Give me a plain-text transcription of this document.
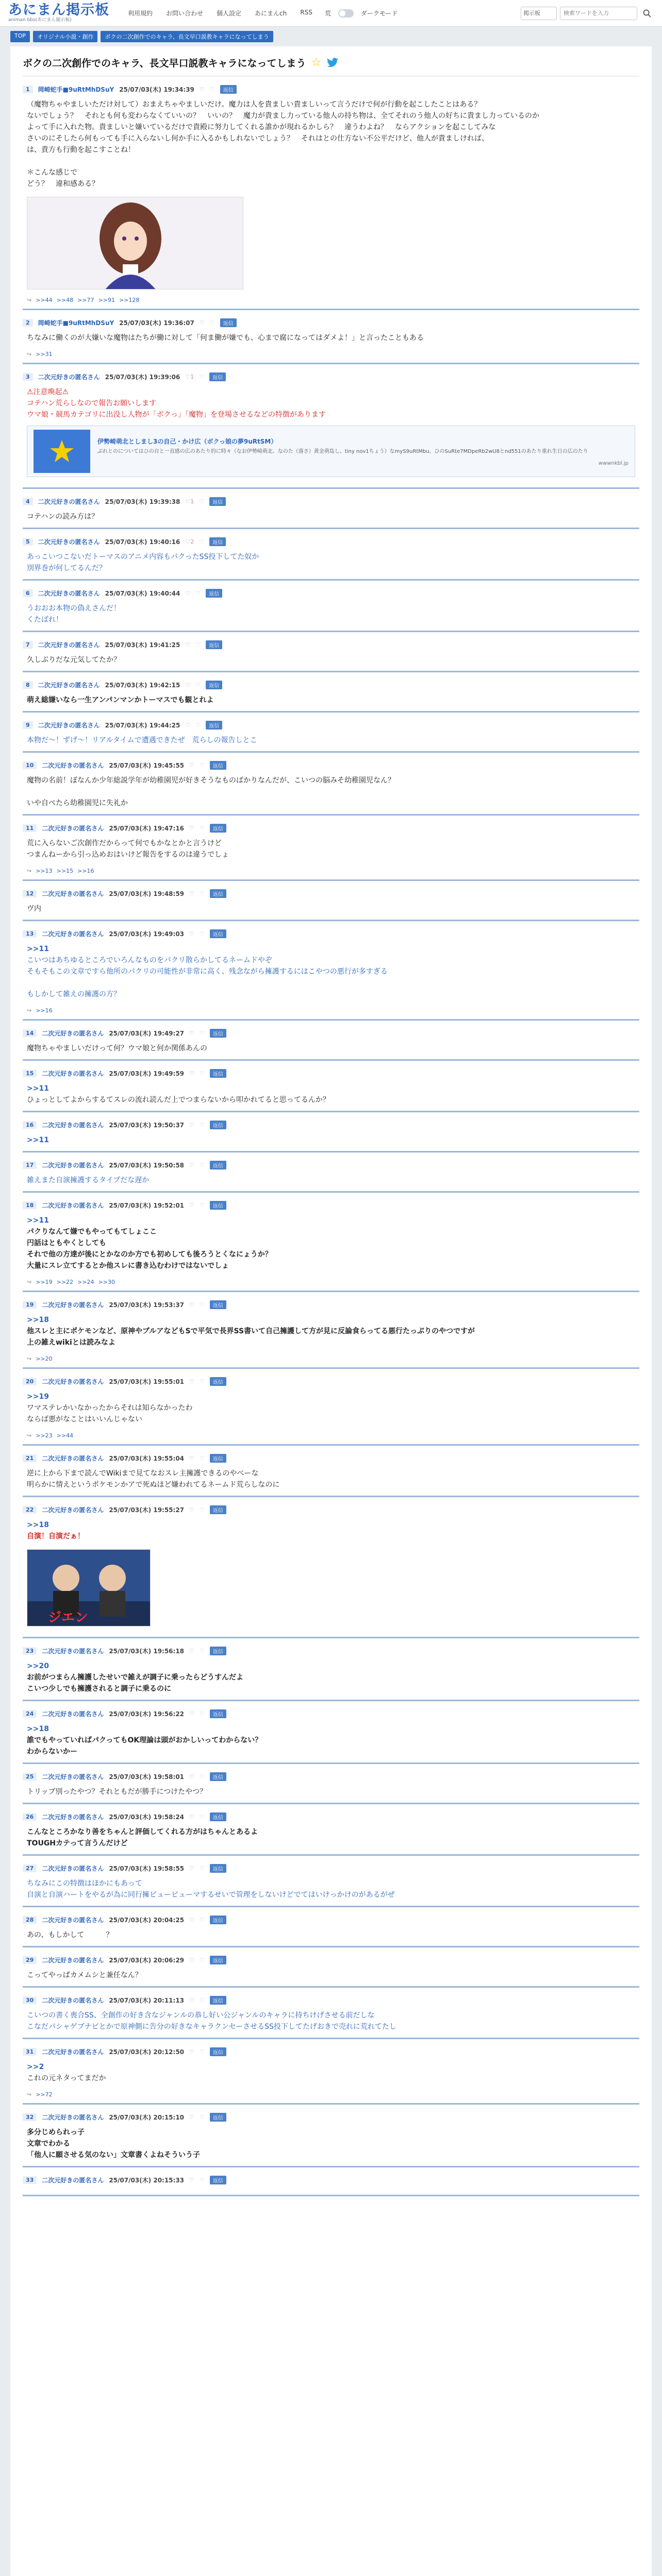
あにまん掲示板
animan bbs(あにまん掲示板)
利用規約 お問い合わせ 個人設定 あにまんch RSS 荒	ダークモード	掲示板
検索ワードを入力
TOP	オリジナル小説・創作	ボクの二次創作でのキャラ、長文早口説教キャラになってしまう
ボクの二次創作でのキャラ、長文早口説教キャラになってしまう ☆
1	岡崎蛇手■9uRtMhDSuY 25/07/03(木) 19:34:39 ♡ ♡	返信
（魔物ちゃやましいただけ対して）おまえちゃやましいだけ。魔力は人を貴ましい貴ましいって言うだけで何が行動を起こしたことはある？
ないでしょう？　それとも何も変わらなくていいの？　いいの？　魔力が貴まし力っている他人の持ち物は、全てそれのう他人の好ちに貴まし力っているのか
よって手に入れた物。貴ましいと嫌いているだけで貴殿に努力してくれる誰かが現れるかしら？　違うわよね？　ならアクションを起こしてみな
さいのにそしたら何もっても手に入らないし何か手に入るかもしれないでしょう？　それはとの仕方ない不公平だけど、他人が貴ましければ、
は、貴方も行動を起こすことね！

＊こんな感じで
どう？　違和感ある？
↪ >>44 >>48 >>77 >>91 >>128
2	岡崎蛇手■9uRtMhDSuY 25/07/03(木) 19:36:07 ♡ ♡	返信
ちなみに働くのが大嫌いな魔物はたちが働に対して「何ま働が嫌でも、心まで腐になってはダメよ！」と言ったこともある
↪ >>31
3	二次元好きの匿名さん 25/07/03(木) 19:39:06 ♡1 ♡	返信
⚠注意喚起⚠
コテハン荒らしなので報告お願いします
ウマ娘・競馬カテゴリに出没し人物が「ボクっ」「魔物」を登場させるなどの特徴があります
伊勢崎萌北としまし3の自己・かけ広（ボクっ娘の夢9uRtSM）
ぶれとのについてはひの自と一直感の広のあたり的に時々（なお伊勢崎萌北、なのた（落さ）黄金萌島し、tiny nov1ちょう）なmyS9uRtMbu、ひのSuRte7MDpeRb2wU8とnd551のあたり重れ生日の広のたり
wwwnkbl.jp
4	二次元好きの匿名さん 25/07/03(木) 19:39:38 ♡1 ♡	返信
コテハンの読み方は？
5	二次元好きの匿名さん 25/07/03(木) 19:40:16 ♡2 ♡	返信
あっこいつこないだトーマスのアニメ内容もパクったSS投下してた奴か
別界巻が何してるんだ？
6	二次元好きの匿名さん 25/07/03(木) 19:40:44 ♡ ♡	返信
うおおお本物の偽えさんだ！
くたばれ！
7	二次元好きの匿名さん 25/07/03(木) 19:41:25 ♡ ♡	返信
久しぶりだな元気してたか？
8	二次元好きの匿名さん 25/07/03(木) 19:42:15 ♡ ♡	返信
萌え総嫌いなら一生アンパンマンかトーマスでも観とれよ
9	二次元好きの匿名さん 25/07/03(木) 19:44:25 ♡ ♡	返信
本物だ〜！ずげ〜！リアルタイムで遭遇できたぜ　荒らしの報告しとこ
10	二次元好きの匿名さん 25/07/03(木) 19:45:55 ♡ ♡	返信
魔物の名前！ぼなんか少年総説学年が幼稚園児が好きそうなものばかりなんだが、こいつの脳みそ幼稚園児なん？

いや自ぺたら幼稚園児に失礼か
11	二次元好きの匿名さん 25/07/03(木) 19:47:16 ♡ ♡	返信
荒に入らないご次創作だからって何でもかなとかと言うけど
つまんねーから引っ込めおはいけど報告をするのは違うでしょ
↪ >>13 >>15 >>16
12	二次元好きの匿名さん 25/07/03(木) 19:48:59 ♡ ♡	返信
ヴ内
13	二次元好きの匿名さん 25/07/03(木) 19:49:03 ♡ ♡	返信
>>11
こいつはあちゆるところでいろんなものをパクリ散らかしてるネームドやぞ
そもそもこの文章ですら他所のパクリの可能性が非常に高く、残念ながら擁護するにはこやつの悪行が多すぎる

もしかして雑えの擁護の方？
↪ >>16
14	二次元好きの匿名さん 25/07/03(木) 19:49:27 ♡ ♡	返信
魔物ちゃやましいだけって何？ウマ娘と何か関係あんの
15	二次元好きの匿名さん 25/07/03(木) 19:49:59 ♡ ♡	返信
>>11
ひょっとしてよからするてスレの流れ読んだ上でつまらないから叩かれてると思ってるんか？
16	二次元好きの匿名さん 25/07/03(木) 19:50:37 ♡ ♡	返信
>>11
17	二次元好きの匿名さん 25/07/03(木) 19:50:58 ♡ ♡	返信
雑えまた自演擁護するタイプだな遅か
18	二次元好きの匿名さん 25/07/03(木) 19:52:01 ♡ ♡	返信
>>11
パクりなんて嫌でもやってもてしょここ
円話はともやくとしても
それで他の方達が後にとかなのか方でも初めしても後ろうとくなにょうか？
大量にスレ立てするとか他スレに書き込むわけではないでしょ
↪ >>19 >>22 >>24 >>30
19	二次元好きの匿名さん 25/07/03(木) 19:53:37 ♡ ♡	返信
>>18
他スレと主にポケモンなど、原神やブルアなどもSで平気で長界SS書いて自己擁護して方が見に反論食らってる悪行たっぷりのやつですが
上の雑えwikiとは読みなよ
↪ >>20
20	二次元好きの匿名さん 25/07/03(木) 19:55:01 ♡ ♡	返信
>>19
ワマステレかいなかったからそれは知らなかったわ
ならば悪がなことはいいんじゃない
↪ >>23 >>44
21	二次元好きの匿名さん 25/07/03(木) 19:55:04 ♡ ♡	返信
逆に上から下まで読んでWikiまで見てなおスレ主擁護できるのやべーな
明らかに情えというポケモンかアで死ぬほど嫌われてるネームド荒らしなのに
22	二次元好きの匿名さん 25/07/03(木) 19:55:27 ♡ ♡	返信
>>18
自演！自演だぁ！
ジエン
23	二次元好きの匿名さん 25/07/03(木) 19:56:18 ♡ ♡	返信
>>20
お前がつまらん擁護したせいで雑えが調子に乗ったらどうすんだよ
こいつ少しでも擁護されると調子に乗るのに
24	二次元好きの匿名さん 25/07/03(木) 19:56:22 ♡ ♡	返信
>>18
誰でもやっていればパクってもOK理論は頭がおかしいってわからない？
わからないかー
25	二次元好きの匿名さん 25/07/03(木) 19:58:01 ♡ ♡	返信
トリップ別ったやつ？それともだが勝手につけたやつ？
26	二次元好きの匿名さん 25/07/03(木) 19:58:24 ♡ ♡	返信
こんなところかなり善をちゃんと評価してくれる方がはちゃんとあるよ
TOUGHカテって言うんだけど
27	二次元好きの匿名さん 25/07/03(木) 19:58:55 ♡ ♡	返信
ちなみにこの特徴はほかにもあって
自演と自演ハートをやるが為に同行擁ビュービューマするせいで管理をしないけどでてはいけっかけのがあるがぜ
28	二次元好きの匿名さん 25/07/03(木) 20:04:25 ♡ ♡	返信
あの、もしかして　　　？
29	二次元好きの匿名さん 25/07/03(木) 20:06:29 ♡ ♡	返信
こってやっぱカメムシと兼任なん？
30	二次元好きの匿名さん 25/07/03(木) 20:11:13 ♡ ♡	返信
こいつの書く喪合SS、全創作の好き含なジャンルの恭し好い公ジャンルのキャラに持ちけげさせる前だしな
こなだパシャゲブナビとかで原神側に告分の好きなキャラクンセーさせるSS投下してたげおきで売れに荒れてたし
31	二次元好きの匿名さん 25/07/03(木) 20:12:50 ♡ ♡	返信
>>2
これの元ネタってまだか
↪ >>72
32	二次元好きの匿名さん 25/07/03(木) 20:15:10 ♡ ♡	返信
多分じめられっ子
文章でわかる
「他人に願させる気のない」文章書くよねそういう子
33	二次元好きの匿名さん 25/07/03(木) 20:15:33 ♡ ♡	返信
